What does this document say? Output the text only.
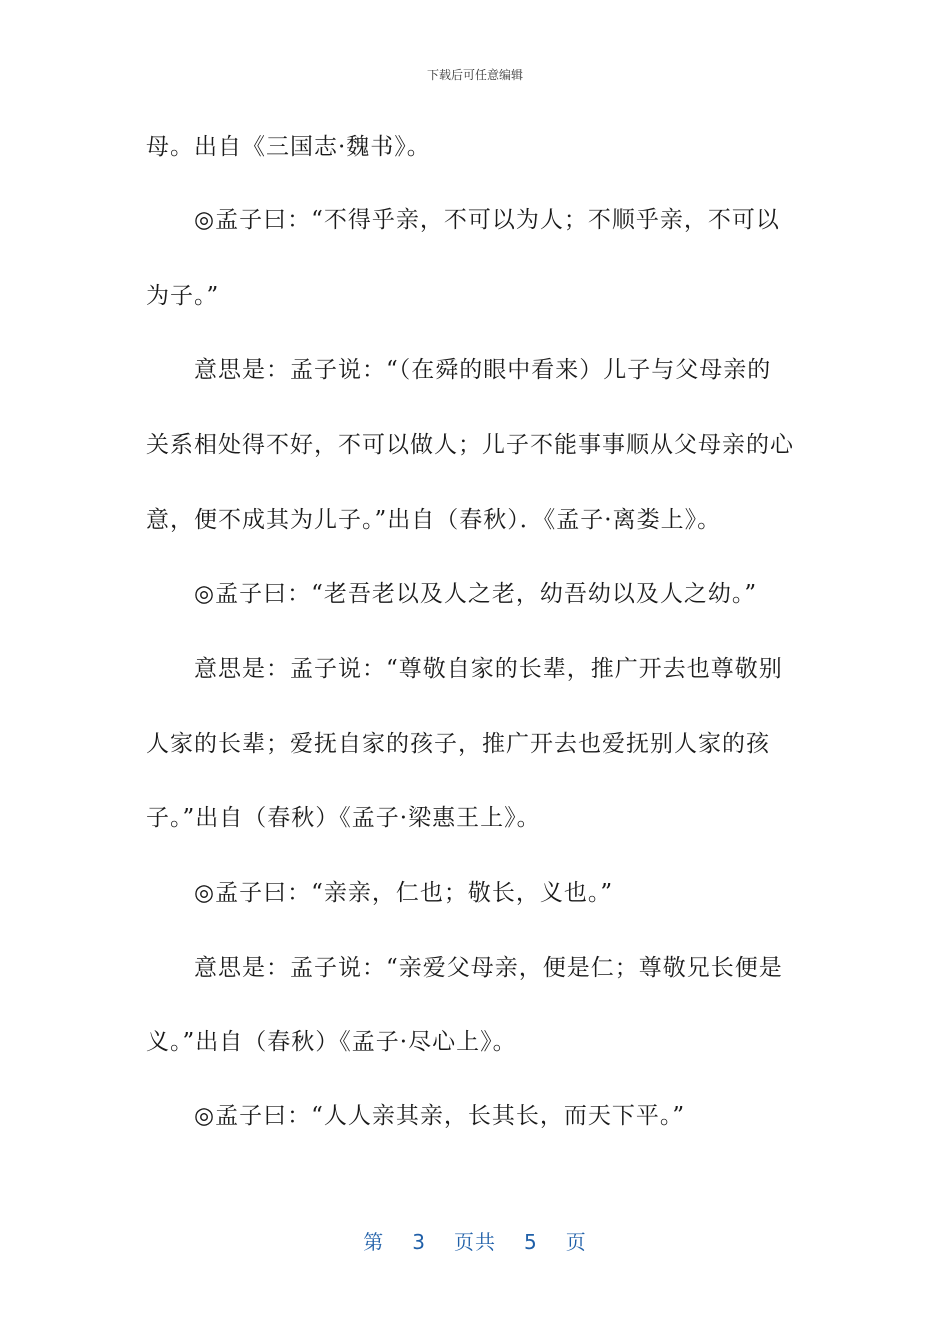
下载后可任意编辑
母。出自《三国志·魏书》。
◎孟子曰：“不得乎亲，不可以为人；不顺乎亲，不可以
为子。”
意思是：孟子说：“（在舜的眼中看来）儿子与父母亲的
关系相处得不好，不可以做人；儿子不能事事顺从父母亲的心
意，便不成其为儿子。”出自（春秋）．《孟子·离娄上》。
◎孟子曰：“老吾老以及人之老，幼吾幼以及人之幼。”
意思是：孟子说：“尊敬自家的长辈，推广开去也尊敬别
人家的长辈；爱抚自家的孩子，推广开去也爱抚别人家的孩
子。”出自（春秋）《孟子·梁惠王上》。
◎孟子曰：“亲亲，仁也；敬长，义也。”
意思是：孟子说：“亲爱父母亲，便是仁；尊敬兄长便是
义。”出自（春秋）《孟子·尽心上》。
◎孟子曰：“人人亲其亲，长其长，而天下平。”
第 3 页共 5 页
